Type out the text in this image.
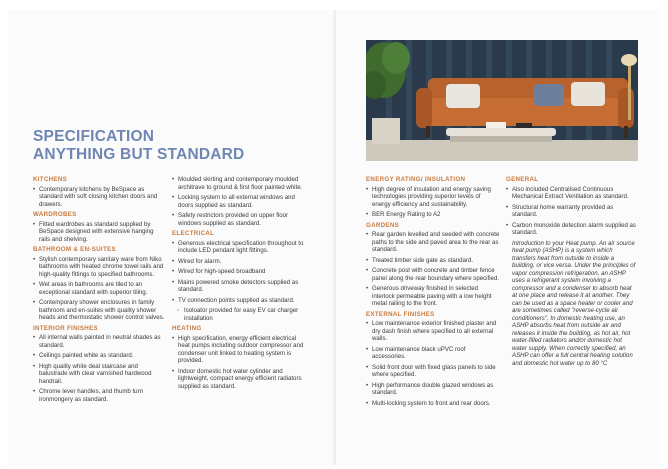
SPECIFICATION
ANYTHING BUT STANDARD
KITCHENS
• Contemporary kitchens by BeSpace as standard with soft closing kitchen doors and drawers.
WARDROBES
• Fitted wardrobes as standard supplied by BeSpace designed with extensive hanging rails and shelving.
BATHROOM & EN-SUITES
• Stylish contemporary sanitary ware from Niko bathrooms with heated chrome towel rails and high-quality fittings to specified bathrooms.
• Wet areas in bathrooms are tiled to an exceptional standard with superior tiling.
• Contemporary shower enclosures in family bathroom and en-suites with quality shower heads and thermostatic shower control valves.
INTERIOR FINISHES
• All internal walls painted in neutral shades as standard.
• Ceilings painted white as standard.
• High quality white deal staircase and balustrade with clear varnished hardwood handrail.
• Chrome lever handles, and thumb turn ironmongery as standard.
• Moulded skirting and contemporary moulded architrave to ground & first floor painted white.
• Locking system to all external windows and doors supplied as standard.
• Safety restrictors provided on upper floor windows supplied as standard.
ELECTRICAL
• Generous electrical specification throughout to include LED pendant light fittings.
• Wired for alarm.
• Wired for high-speed broadband
• Mains powered smoke detectors supplied as standard.
• TV connection points supplied as standard.
◦ Isoloator provided for easy EV car charger installation
HEATING
• High specification, energy efficient electrical heat pumps including outdoor compressor and condenser unit linked to heating system is provided.
• Indoor domestic hot water cylinder and lightweight, compact energy efficient radiators supplied as standard.
ENERGY RATING/ INSULATION
• High degree of insulation and energy saving technologies providing superior levels of energy efficiency and sustainability.
• BER Energy Rating to A2
GARDENS
• Rear garden levelled and seeded with concrete paths to the side and paved area to the rear as standard.
• Treated timber side gate as standard.
• Concrete post with concrete and timber fence panel along the rear boundary where specified.
• Generous driveway finished in selected interlock permeable paving with a low height metal railing to the front.
EXTERNAL FINISHES
• Low maintenance exterior finished plaster and dry dash finish where specified to all external walls.
• Low maintenance black uPVC roof accessories.
• Solid front door with fixed glass panels to side where specified.
• High performance double glazed windows as standard.
• Multi-locking system to front and rear doors.
GENERAL
• Also included Centralised Continuous Mechanical Extract Ventilation as standard.
• Structural home warranty provided as standard.
• Carbon monoxide detection alarm supplied as standard.
Introduction to your Heat pump. An air source heat pump (ASHP) is a system which transfers heat from outside to inside a building, or vice versa. Under the principles of vapor compression refrigeration, an ASHP uses a refrigerant system involving a compressor and a condenser to absorb heat at one place and release it at another. They can be used as a space heater or cooler and are sometimes called "reverse-cycle air conditioners". In domestic heating use, an ASHP absorbs heat from outside air and releases it inside the building, as hot air, hot water-filled radiators and/or domestic hot water supply. When correctly specified, an ASHP can offer a full central heating solution and domestic hot water up to 80 °C
